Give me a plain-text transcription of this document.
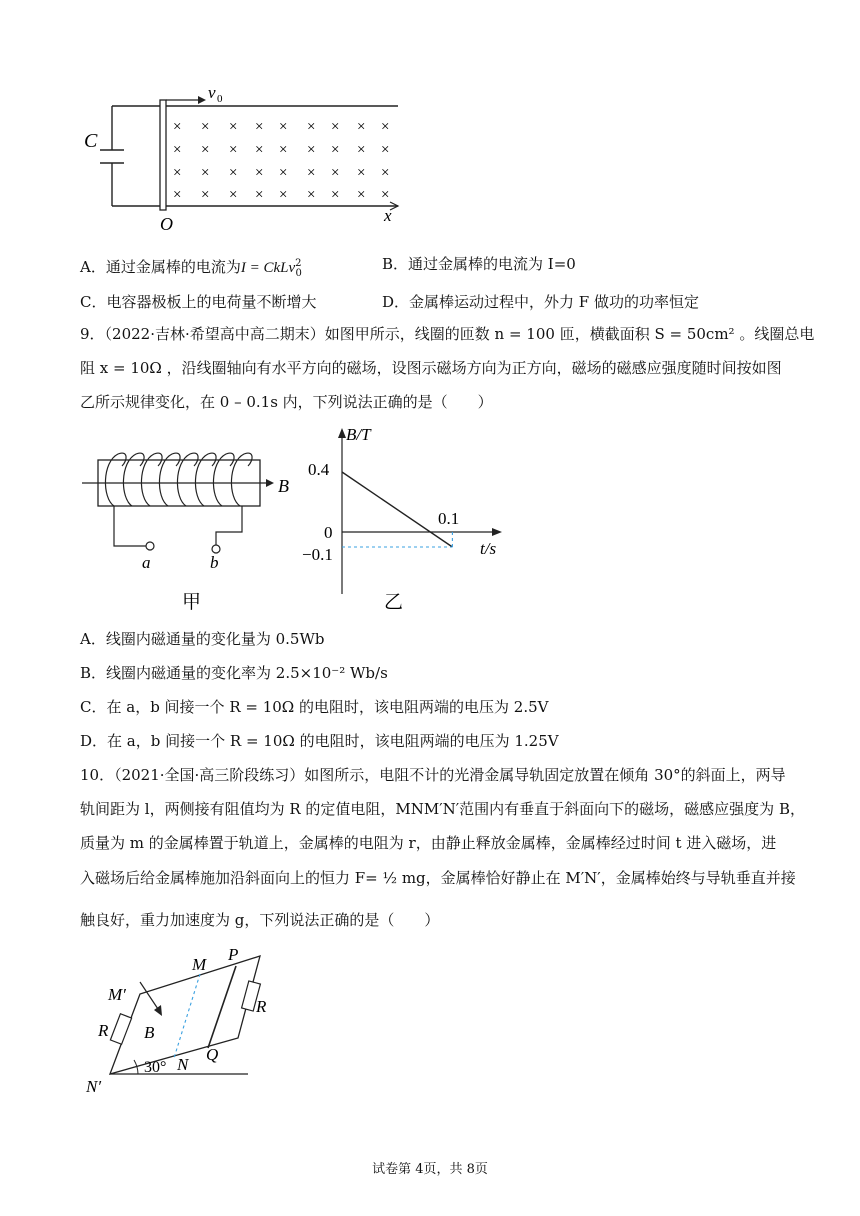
v 0
C
O	x
× × × × × × × × ×
× × × × × × × × ×
× × × × × × × × ×
× × × × × × × × ×
A．通过金属棒的电流为I = CkLv$^2_0$
B．通过金属棒的电流为 I=0
C．电容器极板上的电荷量不断增大	D．金属棒运动过程中，外力 F 做功的功率恒定
9．（2022·吉林·希望高中高二期末）如图甲所示，线圈的匝数 n = 100 匝，横截面积 S = 50cm² 。线圈总电
阻 x = 10Ω ，沿线圈轴向有水平方向的磁场，设图示磁场方向为正方向，磁场的磁感应强度随时间按如图
乙所示规律变化，在 0 – 0.1s 内，下列说法正确的是（　　）
B
a	b
甲
B/T
t/s
0.4
0
−0.1
0.1
乙
A．线圈内磁通量的变化量为 0.5Wb
B．线圈内磁通量的变化率为 2.5×10⁻² Wb/s
C．在 a，b 间接一个 R = 10Ω 的电阻时，该电阻两端的电压为 2.5V
D．在 a，b 间接一个 R = 10Ω 的电阻时，该电阻两端的电压为 1.25V
10．（2021·全国·高三阶段练习）如图所示，电阻不计的光滑金属导轨固定放置在倾角 30°的斜面上，两导
轨间距为 l，两侧接有阻值均为 R 的定值电阻，MNM′N′范围内有垂直于斜面向下的磁场，磁感应强度为 B，
质量为 m 的金属棒置于轨道上，金属棒的电阻为 r，由静止释放金属棒，金属棒经过时间 t 进入磁场，进
入磁场后给金属棒施加沿斜面向上的恒力 F= ½ mg，金属棒恰好静止在 M′N′，金属棒始终与导轨垂直并接
触良好，重力加速度为 g，下列说法正确的是（　　）
M
P
M′
N
Q
N′
R
R
B
30°
试卷第 4页，共 8页
